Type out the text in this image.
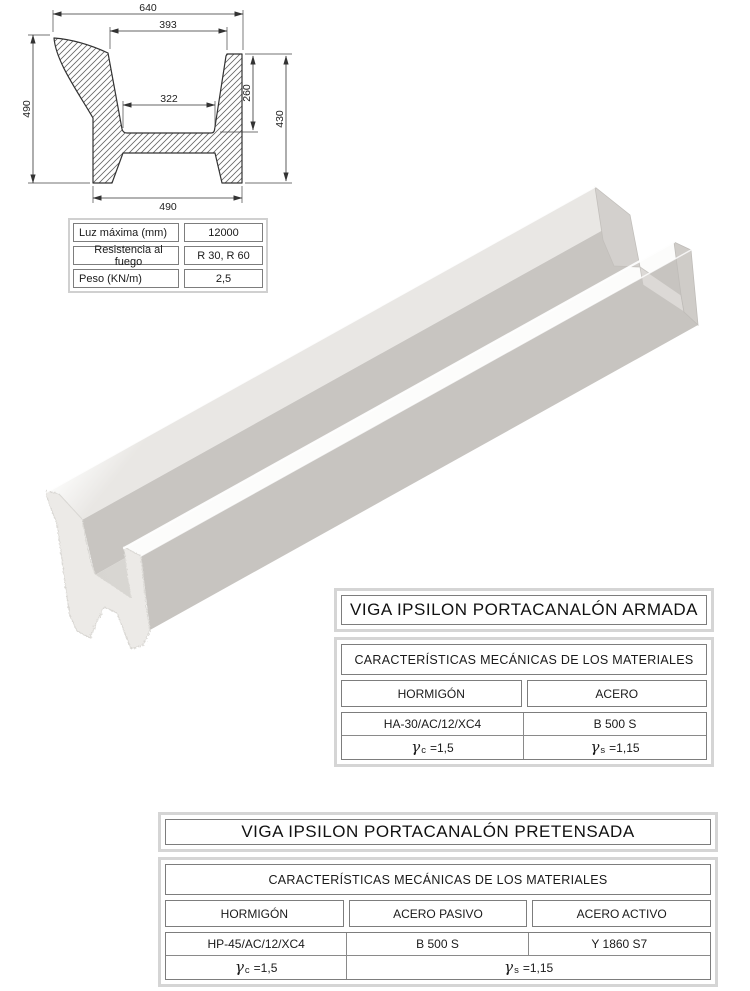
640
393
322
490
260
430
490
Luz máxima (mm)	12000
Resistencia al fuego	R 30, R 60
Peso (KN/m)	2,5
VIGA IPSILON PORTACANALÓN ARMADA
CARACTERÍSTICAS MECÁNICAS DE LOS MATERIALES
HORMIGÓN	ACERO
HA-30/AC/12/XC4	B 500 S
γ c =1,5	γ s =1,15
VIGA IPSILON PORTACANALÓN PRETENSADA
CARACTERÍSTICAS MECÁNICAS DE LOS MATERIALES
HORMIGÓN	ACERO PASIVO	ACERO ACTIVO
HP-45/AC/12/XC4	B 500 S	Y 1860 S7
γ c =1,5	γ s =1,15
